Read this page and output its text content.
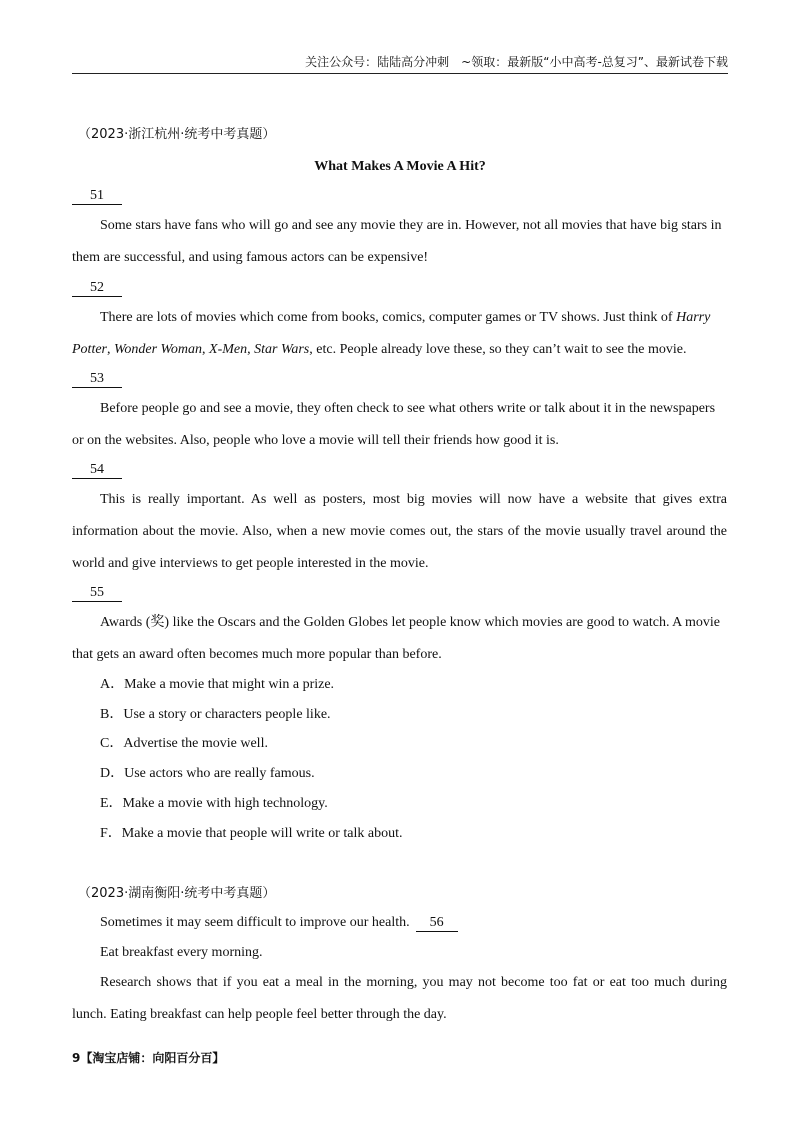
关注公众号：陆陆高分冲刺　~领取：最新版“小中高考-总复习”、最新试卷下载
（2023·浙江杭州·统考中考真题）
What Makes A Movie A Hit?
51
Some stars have fans who will go and see any movie they are in. However, not all movies that have big stars in
them are successful, and using famous actors can be expensive!
52
There are lots of movies which come from books, comics, computer games or TV shows. Just think of Harry
Potter, Wonder Woman, X-Men, Star Wars, etc. People already love these, so they can’t wait to see the movie.
53
Before people go and see a movie, they often check to see what others write or talk about it in the newspapers
or on the websites. Also, people who love a movie will tell their friends how good it is.
54
This is really important. As well as posters, most big movies will now have a website that gives extra
information about the movie. Also, when a new movie comes out, the stars of the movie usually travel around the
world and give interviews to get people interested in the movie.
55
Awards (奖) like the Oscars and the Golden Globes let people know which movies are good to watch. A movie
that gets an award often becomes much more popular than before.
A．Make a movie that might win a prize.
B．Use a story or characters people like.
C．Advertise the movie well.
D．Use actors who are really famous.
E．Make a movie with high technology.
F．Make a movie that people will write or talk about.
（2023·湖南衡阳·统考中考真题）
Sometimes it may seem difficult to improve our health. 56
Eat breakfast every morning.
Research shows that if you eat a meal in the morning, you may not become too fat or eat too much during
lunch. Eating breakfast can help people feel better through the day.
9【淘宝店铺：向阳百分百】
